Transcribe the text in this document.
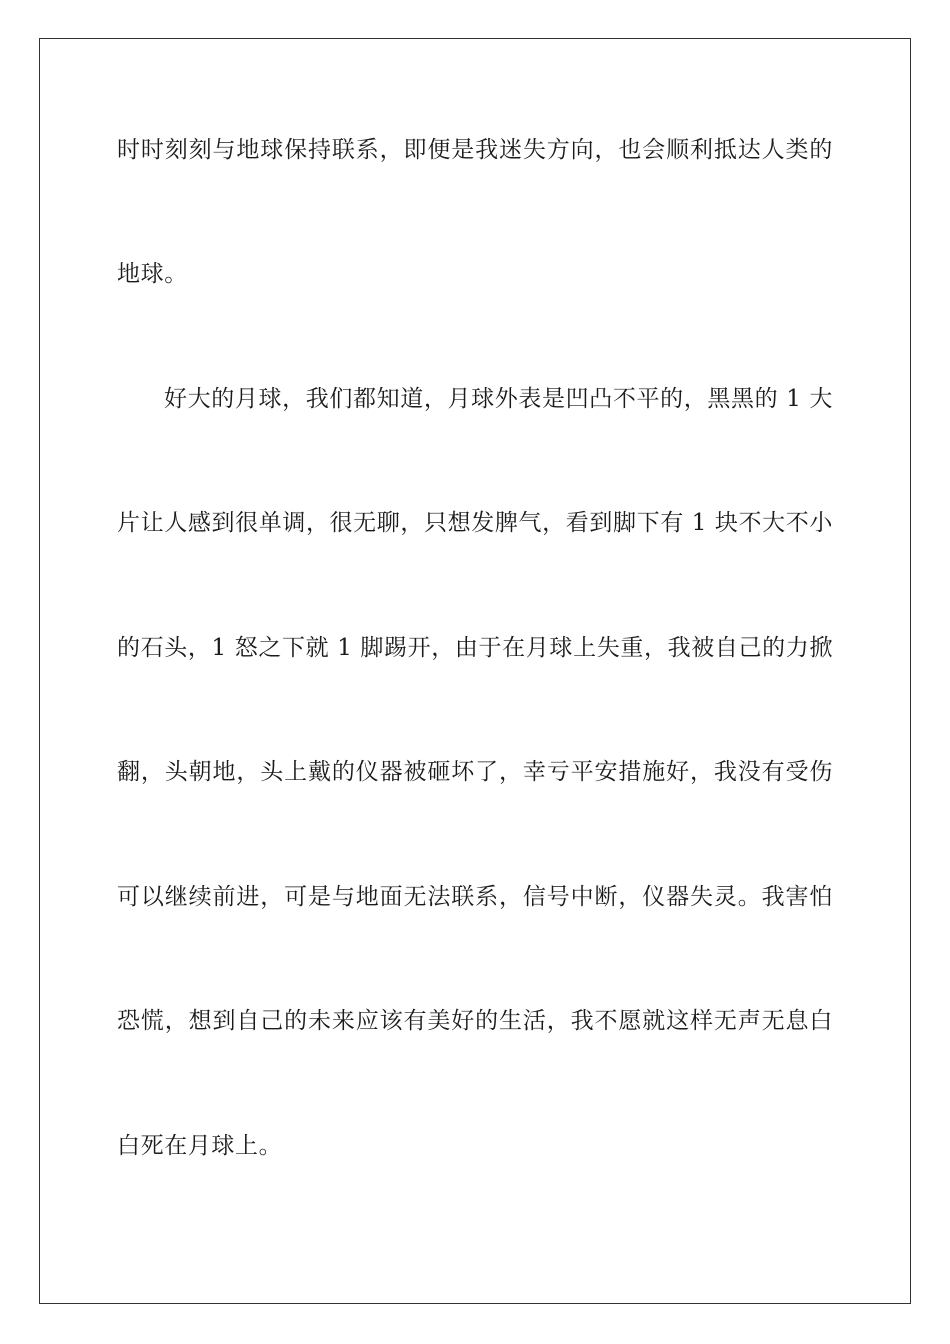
时时刻刻与地球保持联系，即便是我迷失方向，也会顺利抵达人类的
地球。
好大的月球，我们都知道，月球外表是凹凸不平的，黑黑的 1 大
片让人感到很单调，很无聊，只想发脾气，看到脚下有 1 块不大不小
的石头，1 怒之下就 1 脚踢开，由于在月球上失重，我被自己的力掀
翻，头朝地，头上戴的仪器被砸坏了，幸亏平安措施好，我没有受伤
可以继续前进，可是与地面无法联系，信号中断，仪器失灵。我害怕
恐慌，想到自己的未来应该有美好的生活，我不愿就这样无声无息白
白死在月球上。
